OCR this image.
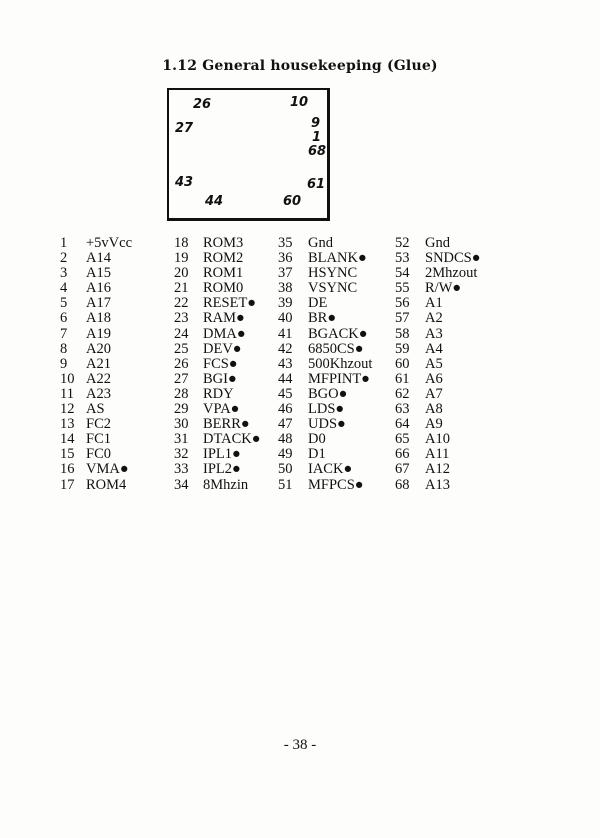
1.12 General housekeeping (Glue)
26	10
27	9
1
68
43	61
44	60
1 +5vVcc	18 ROM3 35 Gnd	52 Gnd
2 A14	19 ROM2 36 BLANK● 53 SNDCS●
3 A15	20 ROM1 37 HSYNC	54 2Mhzout
4 A16	21 ROM0 38 VSYNC	55 R/W●
5 A17	22 RESET● 39 DE	56 A1
6 A18	23 RAM● 40 BR●	57 A2
7 A19	24 DMA● 41 BGACK● 58 A3
8 A20	25 DEV●	42 6850CS● 59 A4
9 A21	26 FCS●	43 500Khzout 60 A5
10 A22	27 BGI●	44 MFPINT● 61 A6
11 A23	28 RDY	45 BGO●	62 A7
12 AS	29 VPA●	46 LDS●	63 A8
13 FC2	30 BERR● 47 UDS●	64 A9
14 FC1	31 DTACK● 48 D0	65 A10
15 FC0	32 IPL1●	49 D1	66 A11
16 VMA●	33 IPL2●	50 IACK●	67 A12
17 ROM4	34 8Mhzin 51 MFPCS● 68 A13
- 38 -
